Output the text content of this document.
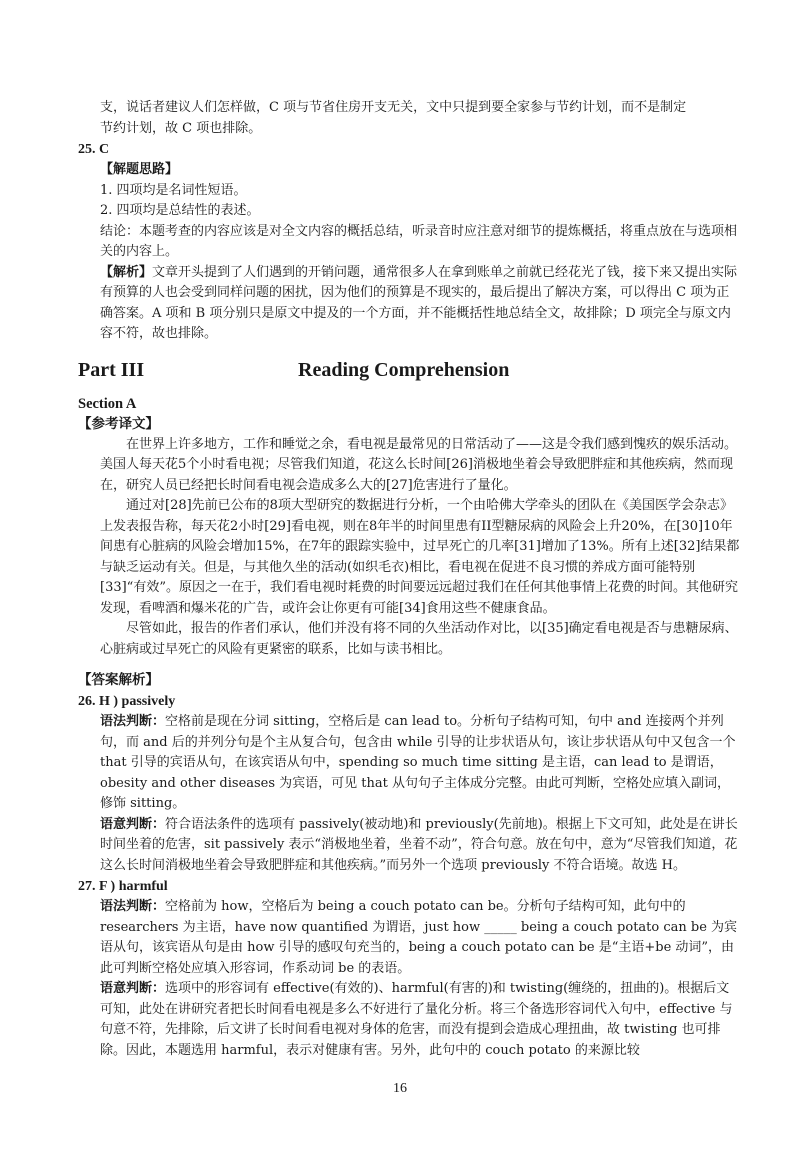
支，说话者建议人们怎样做，C 项与节省住房开支无关，文中只提到要全家参与节约计划，而不是制定

节约计划，故 C 项也排除。

25. C

【解题思路】

1. 四项均是名词性短语。

2. 四项均是总结性的表述。

结论：本题考查的内容应该是对全文内容的概括总结，听录音时应注意对细节的提炼概括，将重点放在与选项相关的内容上。

【解析】文章开头提到了人们遇到的开销问题，通常很多人在拿到账单之前就已经花光了钱，接下来又提出实际有预算的人也会受到同样问题的困扰，因为他们的预算是不现实的，最后提出了解决方案，可以得出 C 项为正确答案。A 项和 B 项分别只是原文中提及的一个方面，并不能概括性地总结全文，故排除；D 项完全与原文内容不符，故也排除。

Part III	Reading Comprehension
Section A
【参考译文】

在世界上许多地方，工作和睡觉之余，看电视是最常见的日常活动了——这是令我们感到愧疚的娱乐活动。美国人每天花5个小时看电视；尽管我们知道，花这么长时间[26]消极地坐着会导致肥胖症和其他疾病，然而现在，研究人员已经把长时间看电视会造成多么大的[27]危害进行了量化。

通过对[28]先前已公布的8项大型研究的数据进行分析，一个由哈佛大学牵头的团队在《美国医学会杂志》上发表报告称，每天花2小时[29]看电视，则在8年半的时间里患有II型糖尿病的风险会上升20%，在[30]10年间患有心脏病的风险会增加15%，在7年的跟踪实验中，过早死亡的几率[31]增加了13%。所有上述[32]结果都与缺乏运动有关。但是，与其他久坐的活动(如织毛衣)相比，看电视在促进不良习惯的养成方面可能特别[33]“有效”。原因之一在于，我们看电视时耗费的时间要远远超过我们在任何其他事情上花费的时间。其他研究发现，看啤酒和爆米花的广告，或许会让你更有可能[34]食用这些不健康食品。

尽管如此，报告的作者们承认，他们并没有将不同的久坐活动作对比，以[35]确定看电视是否与患糖尿病、心脏病或过早死亡的风险有更紧密的联系，比如与读书相比。

【答案解析】
26. H ) passively

语法判断：空格前是现在分词 sitting，空格后是 can lead to。分析句子结构可知，句中 and 连接两个并列句，而 and 后的并列分句是个主从复合句，包含由 while 引导的让步状语从句，该让步状语从句中又包含一个 that 引导的宾语从句，在该宾语从句中，spending so much time sitting 是主语，can lead to 是谓语，obesity and other diseases 为宾语，可见 that 从句句子主体成分完整。由此可判断，空格处应填入副词，修饰 sitting。

语意判断：符合语法条件的选项有 passively(被动地)和 previously(先前地)。根据上下文可知，此处是在讲长时间坐着的危害，sit passively 表示“消极地坐着，坐着不动”，符合句意。放在句中，意为“尽管我们知道，花这么长时间消极地坐着会导致肥胖症和其他疾病。”而另外一个选项 previously 不符合语境。故选 H。

27. F ) harmful

语法判断：空格前为 how，空格后为 being a couch potato can be。分析句子结构可知，此句中的 researchers 为主语，have now quantified 为谓语，just how _____ being a couch potato can be 为宾语从句，该宾语从句是由 how 引导的感叹句充当的，being a couch potato can be 是“主语+be 动词”，由此可判断空格处应填入形容词，作系动词 be 的表语。

语意判断：选项中的形容词有 effective(有效的)、harmful(有害的)和 twisting(缠绕的，扭曲的)。根据后文可知，此处在讲研究者把长时间看电视是多么不好进行了量化分析。将三个备选形容词代入句中，effective 与句意不符，先排除，后文讲了长时间看电视对身体的危害，而没有提到会造成心理扭曲，故 twisting 也可排除。因此，本题选用 harmful，表示对健康有害。另外，此句中的 couch potato 的来源比较

16
